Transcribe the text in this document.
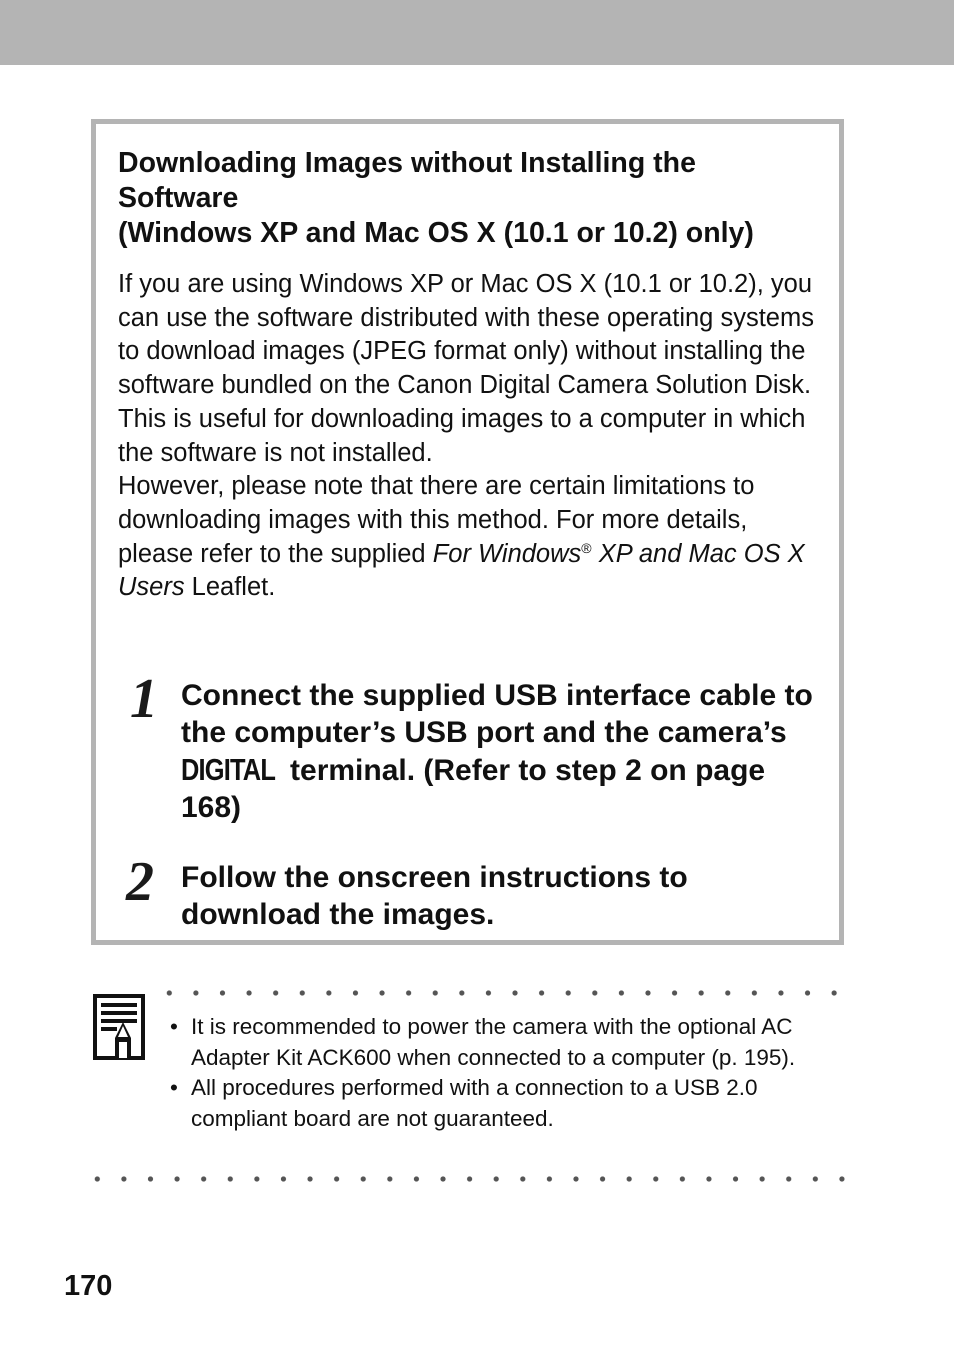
Downloading Images without Installing the
Software
(Windows XP and Mac OS X (10.1 or 10.2) only)

If you are using Windows XP or Mac OS X (10.1 or 10.2), you can use the software distributed with these operating systems to download images (JPEG format only) without installing the software bundled on the Canon Digital Camera Solution Disk. This is useful for downloading images to a computer in which the software is not installed.

However, please note that there are certain limitations to downloading images with this method. For more details, please refer to the supplied For Windows® XP and Mac OS X Users Leaflet.

1 Connect the supplied USB interface cable to the computer’s USB port and the camera’s DIGITAL terminal. (Refer to step 2 on page 168)

2 Follow the onscreen instructions to download the images.

• It is recommended to power the camera with the optional AC Adapter Kit ACK600 when connected to a computer (p. 195).
• All procedures performed with a connection to a USB 2.0 compliant board are not guaranteed.

170
